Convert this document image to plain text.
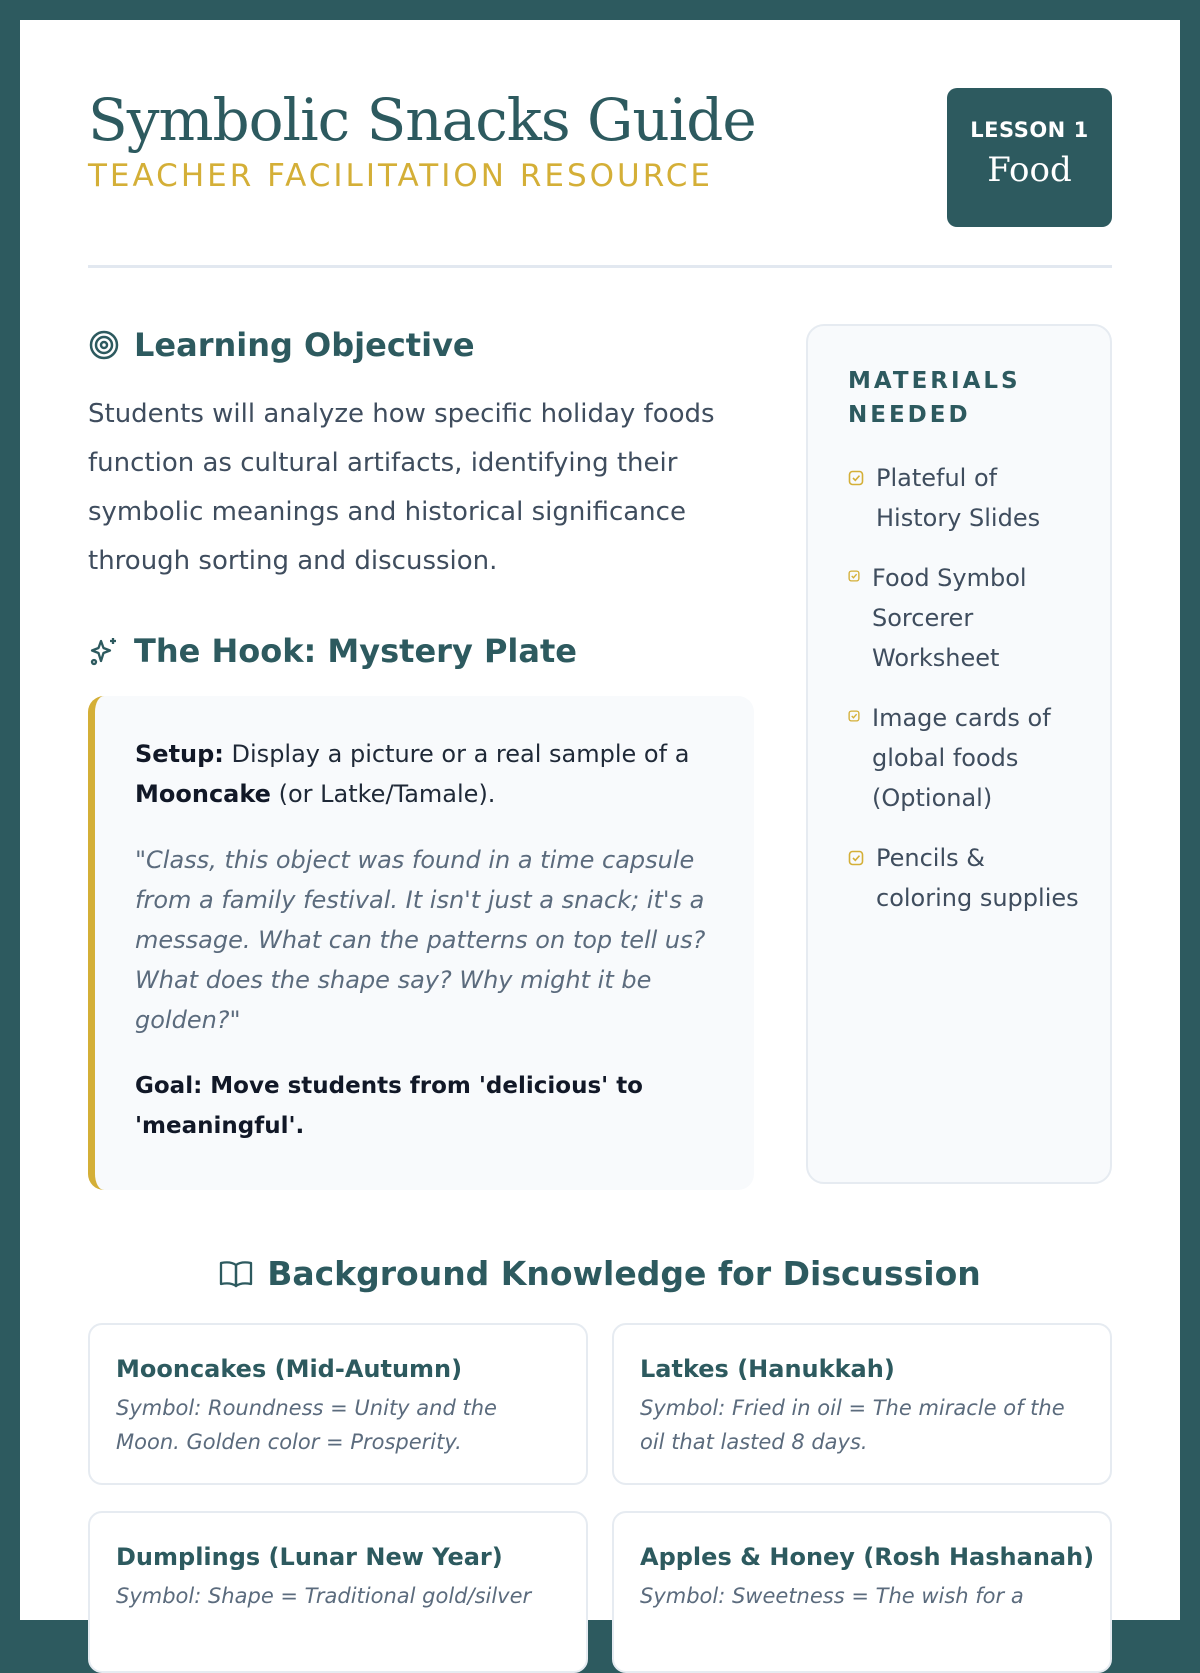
Symbolic Snacks Guide
TEACHER FACILITATION RESOURCE
LESSON 1
Food
Learning Objective

Students will analyze how specific holiday foods function as cultural artifacts, identifying their symbolic meanings and historical significance through sorting and discussion.

The Hook: Mystery Plate

Setup: Display a picture or a real sample of a Mooncake (or Latke/Tamale).

"Class, this object was found in a time capsule from a family festival. It isn't just a snack; it's a message. What can the patterns on top tell us? What does the shape say? Why might it be golden?"

Goal: Move students from 'delicious' to 'meaningful'.

MATERIALS NEEDED
Plateful of History Slides
Food Symbol Sorcerer Worksheet
Image cards of global foods (Optional)
Pencils & coloring supplies
Background Knowledge for Discussion
Mooncakes (Mid-Autumn)
Symbol: Roundness = Unity and the Moon. Golden color = Prosperity.
Latkes (Hanukkah)
Symbol: Fried in oil = The miracle of the oil that lasted 8 days.
Dumplings (Lunar New Year)
Symbol: Shape = Traditional gold/silver
Apples & Honey (Rosh Hashanah)
Symbol: Sweetness = The wish for a
